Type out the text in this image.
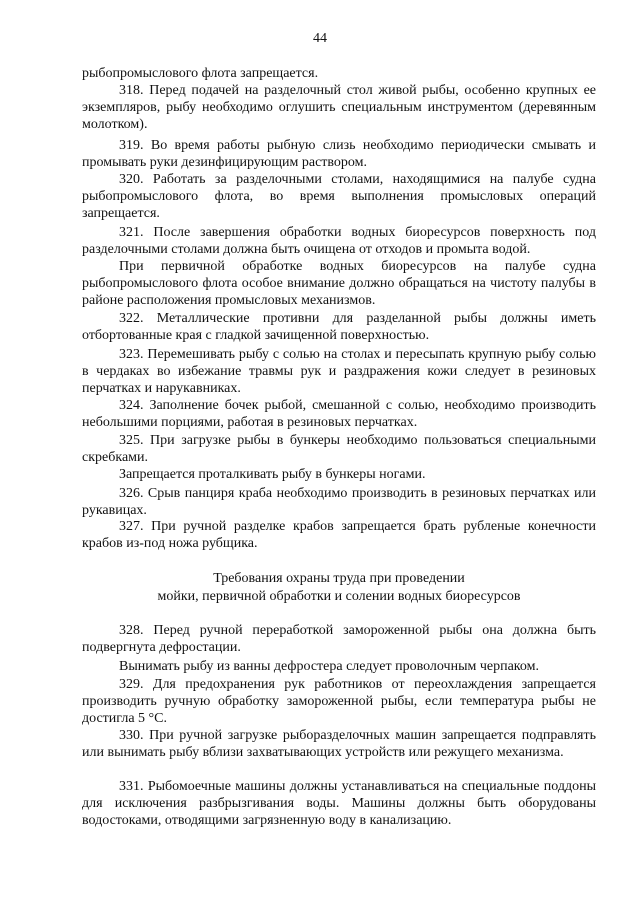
44

рыбопромыслового флота запрещается.

318. Перед подачей на разделочный стол живой рыбы, особенно крупных ее экземпляров, рыбу необходимо оглушить специальным инструментом (деревянным молотком).

319. Во время работы рыбную слизь необходимо периодически смывать и промывать руки дезинфицирующим раствором.

320. Работать за разделочными столами, находящимися на палубе судна рыбопромыслового флота, во время выполнения промысловых операций запрещается.

321. После завершения обработки водных биоресурсов поверхность под разделочными столами должна быть очищена от отходов и промыта водой.

При первичной обработке водных биоресурсов на палубе судна рыбопромыслового флота особое внимание должно обращаться на чистоту палубы в районе расположения промысловых механизмов.

322. Металлические противни для разделанной рыбы должны иметь отбортованные края с гладкой зачищенной поверхностью.

323. Перемешивать рыбу с солью на столах и пересыпать крупную рыбу солью в чердаках во избежание травмы рук и раздражения кожи следует в резиновых перчатках и нарукавниках.

324. Заполнение бочек рыбой, смешанной с солью, необходимо производить небольшими порциями, работая в резиновых перчатках.

325. При загрузке рыбы в бункеры необходимо пользоваться специальными скребками.

Запрещается проталкивать рыбу в бункеры ногами.

326. Срыв панциря краба необходимо производить в резиновых перчатках или рукавицах.

327. При ручной разделке крабов запрещается брать рубленые конечности крабов из-под ножа рубщика.

Требования охраны труда при проведении
мойки, первичной обработки и солении водных биоресурсов

328. Перед ручной переработкой замороженной рыбы она должна быть подвергнута дефростации.

Вынимать рыбу из ванны дефростера следует проволочным черпаком.

329. Для предохранения рук работников от переохлаждения запрещается производить ручную обработку замороженной рыбы, если температура рыбы не достигла 5 °С.

330. При ручной загрузке рыборазделочных машин запрещается подправлять или вынимать рыбу вблизи захватывающих устройств или режущего механизма.

331. Рыбомоечные машины должны устанавливаться на специальные поддоны для исключения разбрызгивания воды. Машины должны быть оборудованы водостоками, отводящими загрязненную воду в канализацию.
